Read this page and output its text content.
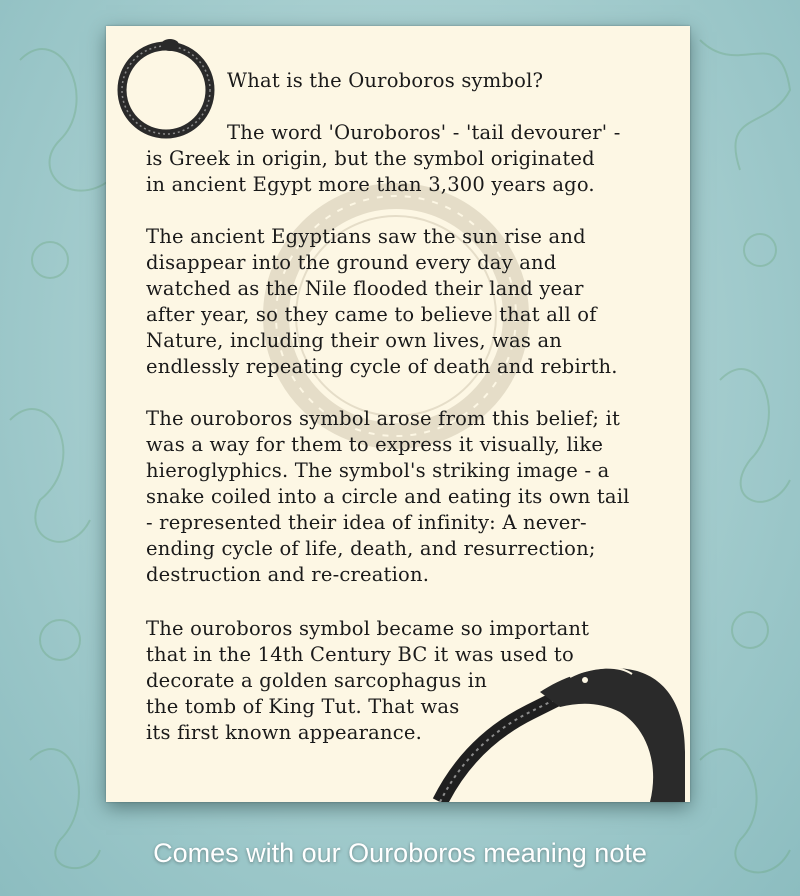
What is the Ouroboros symbol?
The word 'Ouroboros' - 'tail devourer' -
is Greek in origin, but the symbol originated
in ancient Egypt more than 3,300 years ago.
The ancient Egyptians saw the sun rise and
disappear into the ground every day and
watched as the Nile flooded their land year
after year, so they came to believe that all of
Nature, including their own lives, was an
endlessly repeating cycle of death and rebirth.
The ouroboros symbol arose from this belief; it
was a way for them to express it visually, like
hieroglyphics. The symbol's striking image - a
snake coiled into a circle and eating its own tail
- represented their idea of infinity: A never-
ending cycle of life, death, and resurrection;
destruction and re-creation.
The ouroboros symbol became so important
that in the 14th Century BC it was used to
decorate a golden sarcophagus in
the tomb of King Tut. That was
its first known appearance.
Comes with our Ouroboros meaning note
